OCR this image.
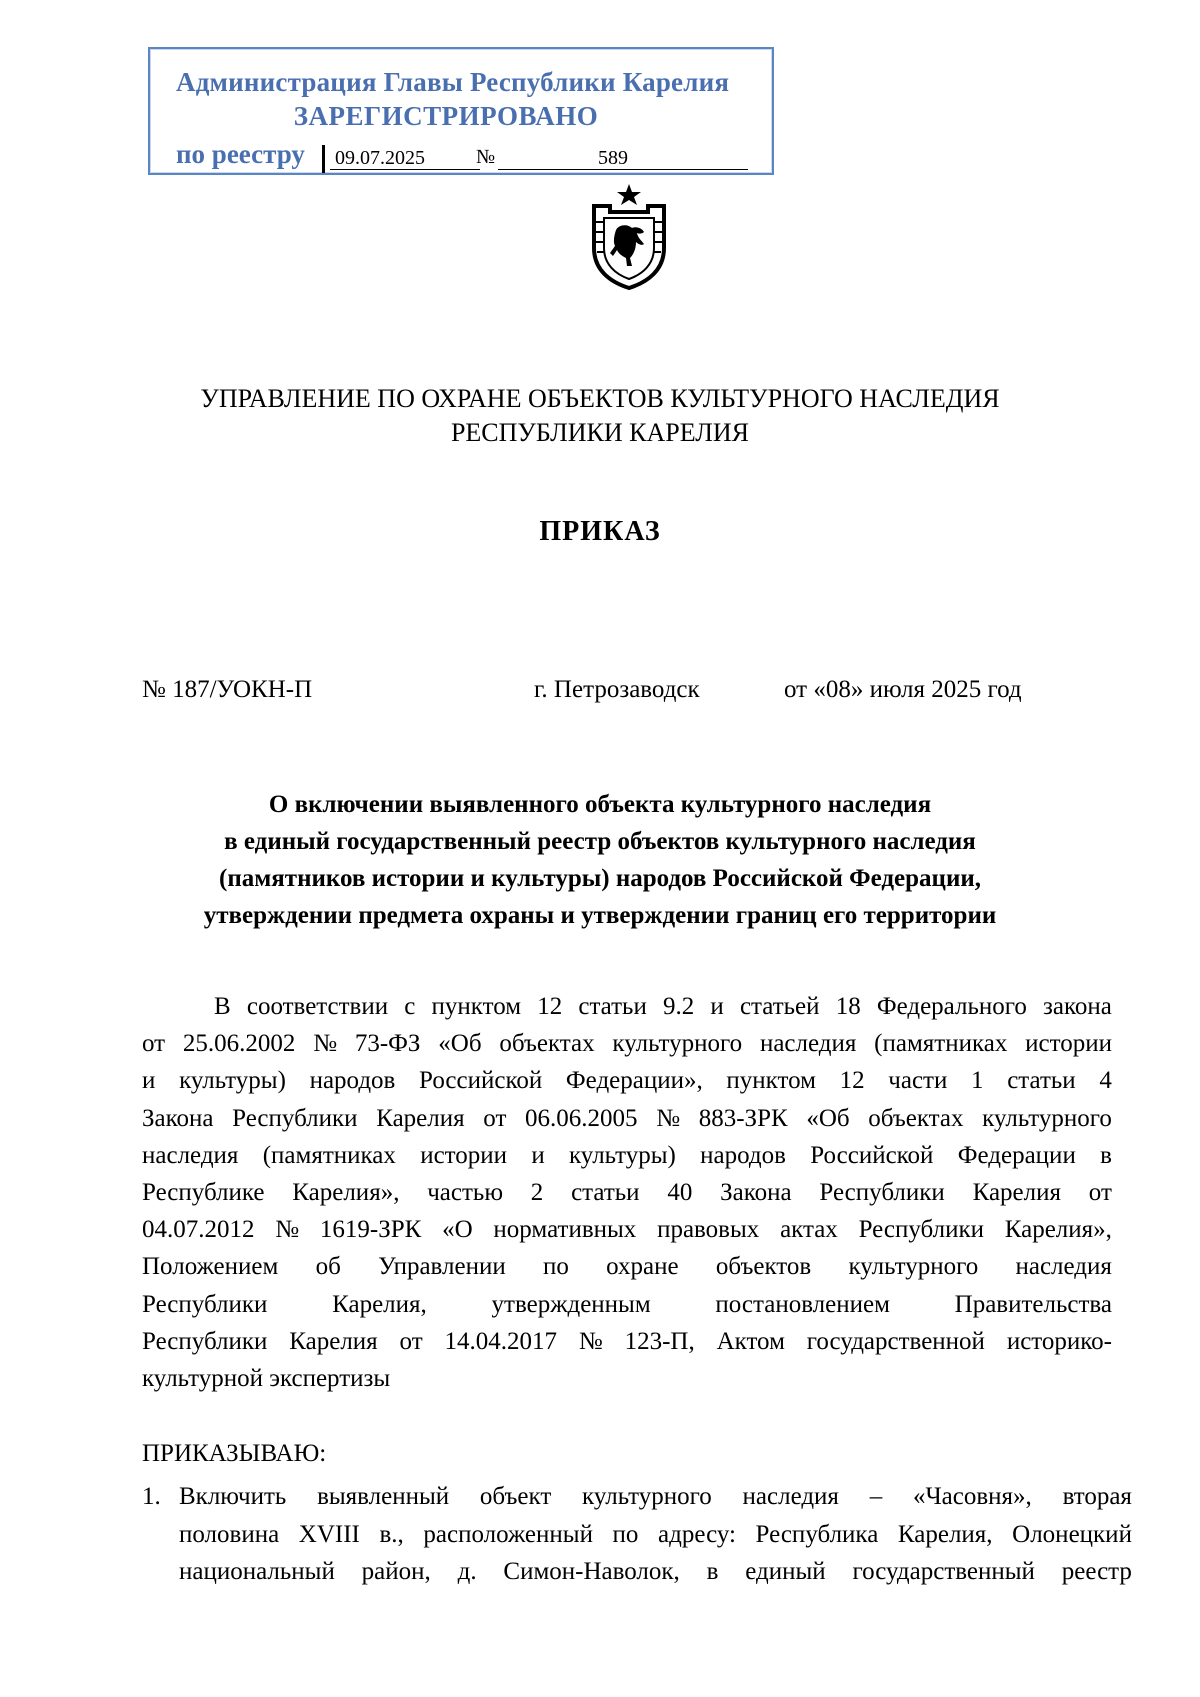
Администрация Главы Республики Карелия
ЗАРЕГИСТРИРОВАНО
по реестру	09.07.2025	№	589
УПРАВЛЕНИЕ ПО ОХРАНЕ ОБЪЕКТОВ КУЛЬТУРНОГО НАСЛЕДИЯ
РЕСПУБЛИКИ КАРЕЛИЯ
ПРИКАЗ
№ 187/УОКН-П	г. Петрозаводск	от «08» июля 2025 год
О включении выявленного объекта культурного наследия
в единый государственный реестр объектов культурного наследия
(памятников истории и культуры) народов Российской Федерации,
утверждении предмета охраны и утверждении границ его территории
В соответствии с пунктом 12 статьи 9.2 и статьей 18 Федерального закона
от 25.06.2002 № 73-ФЗ «Об объектах культурного наследия (памятниках истории
и культуры) народов Российской Федерации», пунктом 12 части 1 статьи 4
Закона Республики Карелия от 06.06.2005 № 883-ЗРК «Об объектах культурного
наследия (памятниках истории и культуры) народов Российской Федерации в
Республике Карелия», частью 2 статьи 40 Закона Республики Карелия от
04.07.2012 № 1619-ЗРК «О нормативных правовых актах Республики Карелия»,
Положением об Управлении по охране объектов культурного наследия
Республики	Карелия,	утвержденным	постановлением	Правительства
Республики Карелия от 14.04.2017 № 123-П, Актом государственной историко-
культурной экспертизы
ПРИКАЗЫВАЮ:
1. Включить выявленный объект культурного наследия – «Часовня», вторая
половина XVIII в., расположенный по адресу: Республика Карелия, Олонецкий
национальный район, д. Симон-Наволок, в единый государственный реестр
